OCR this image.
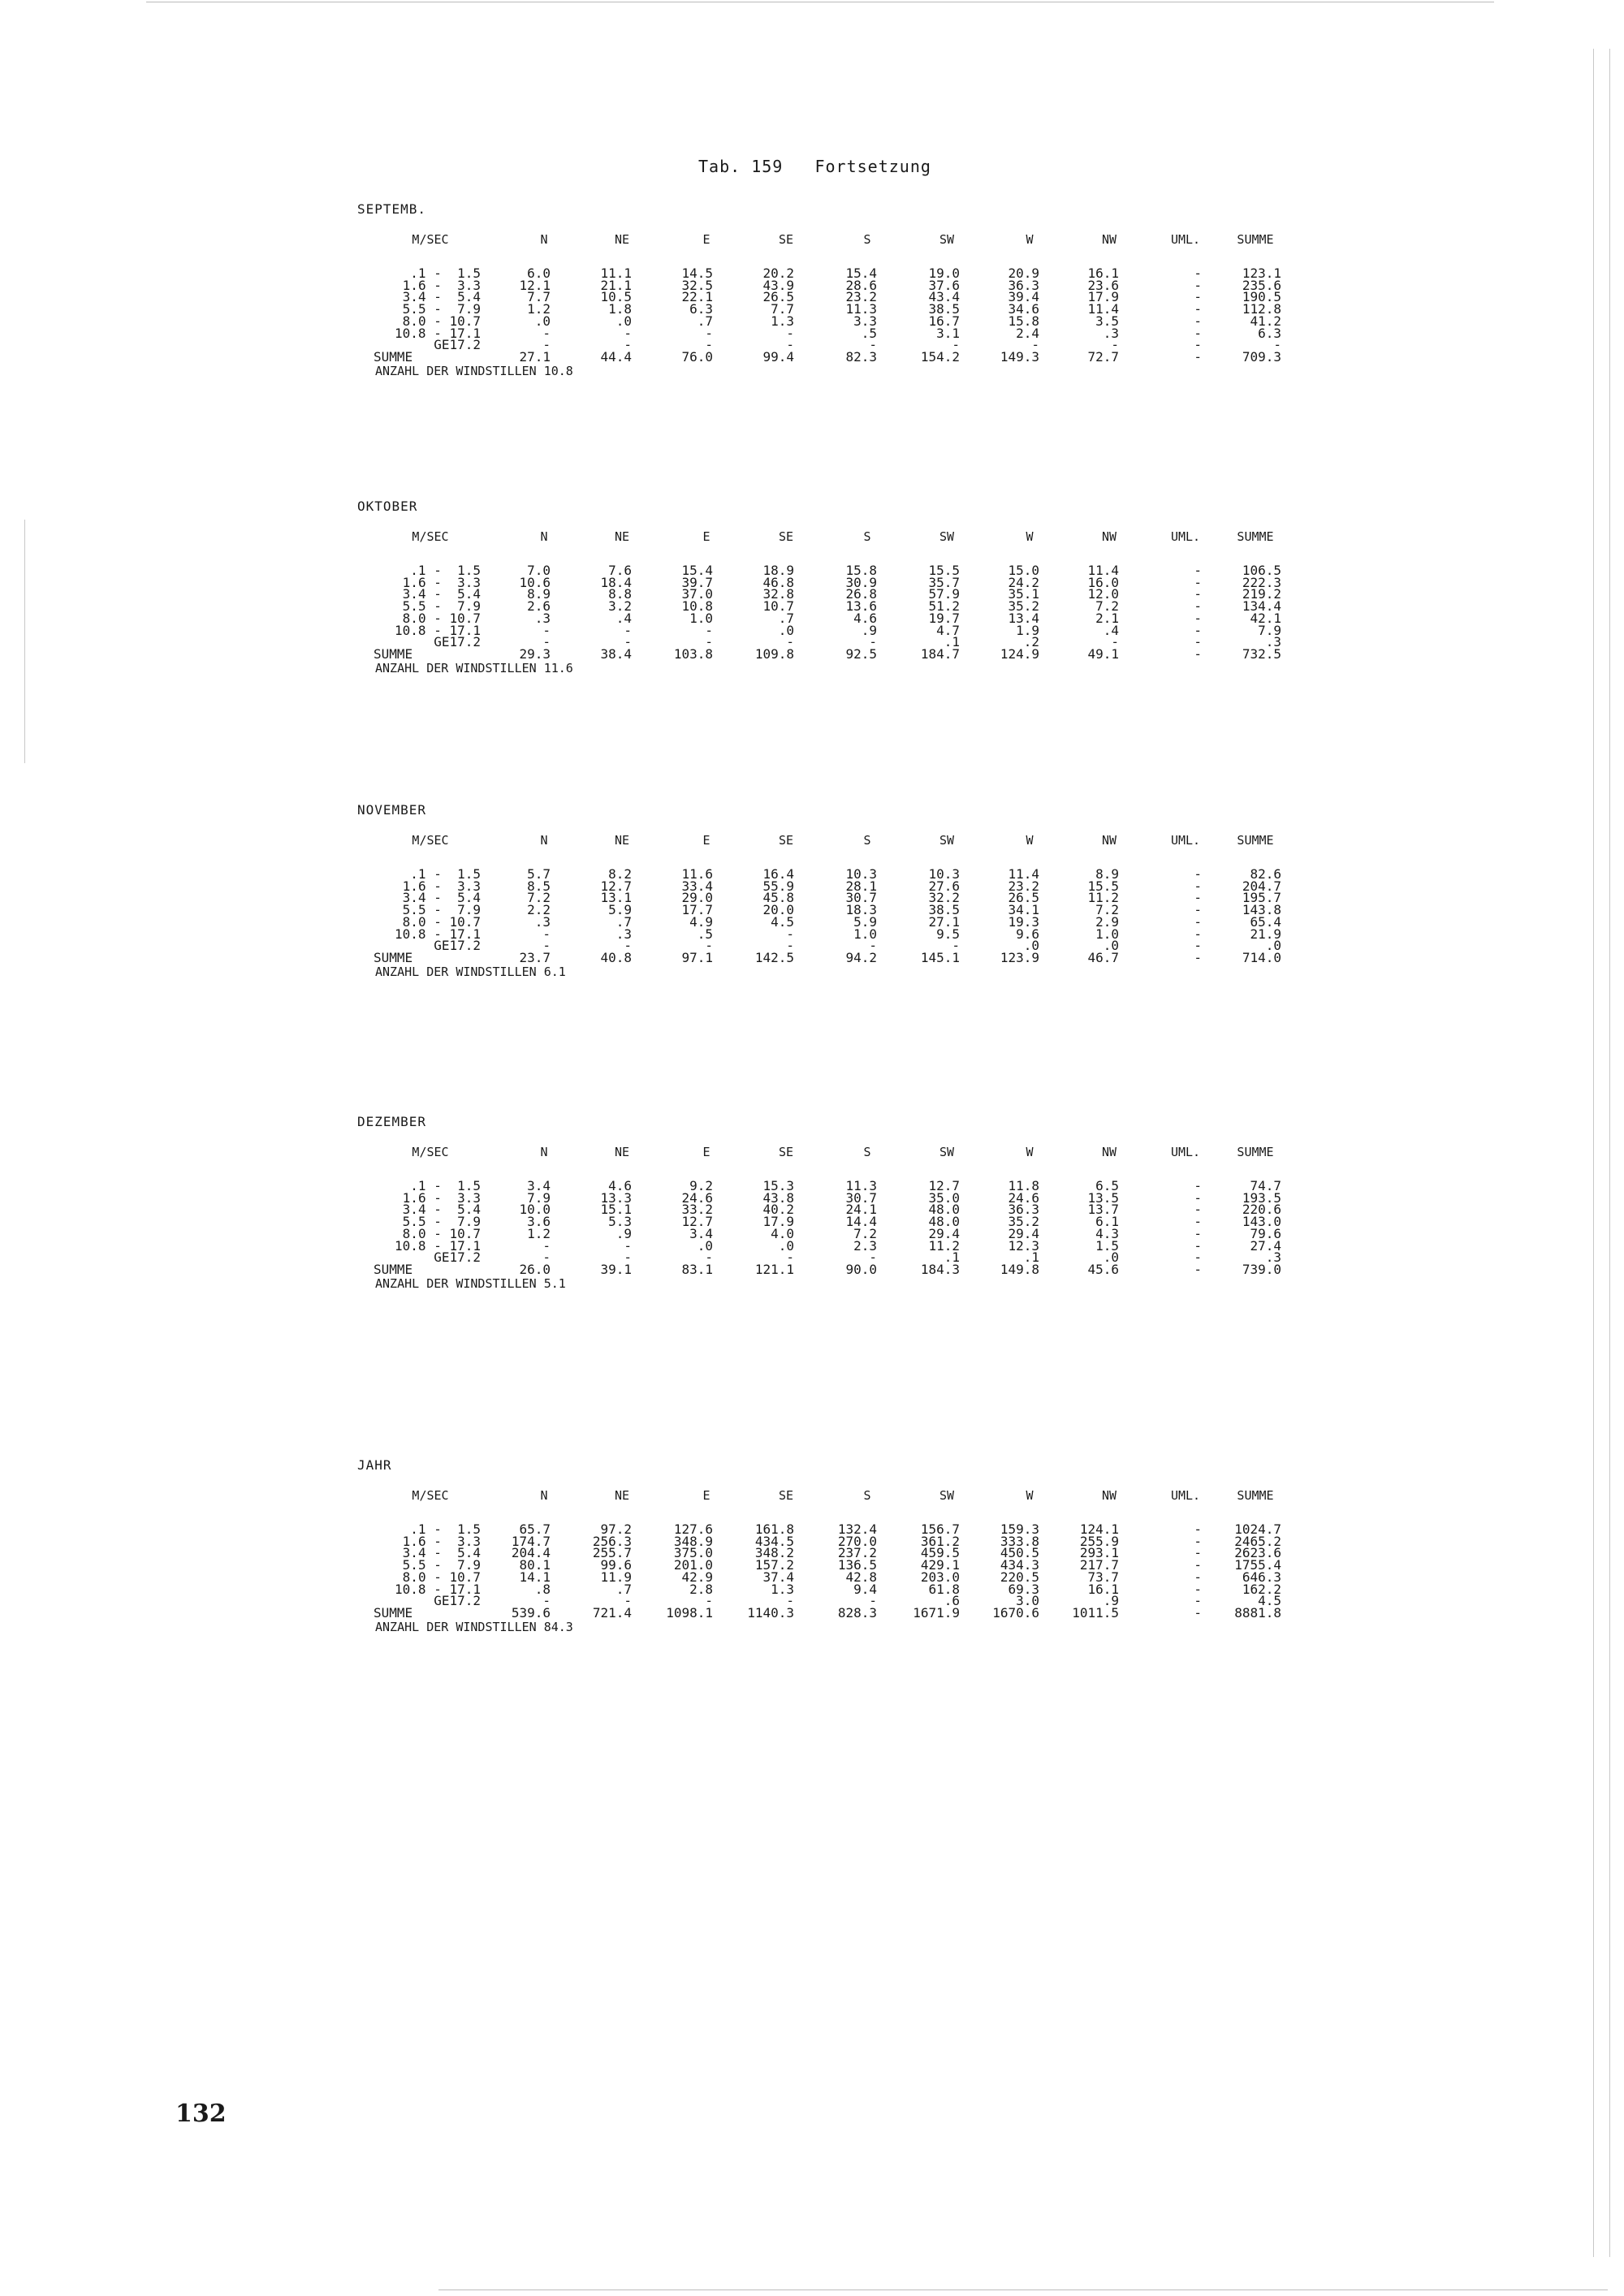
Tab. 159   Fortsetzung
SEPTEMB.
M/SEC	N	NE	E	SE	S	SW	W	NW	UML.	SUMME
.1 -  1.5	6.0	11.1	14.5	20.2	15.4	19.0	20.9	16.1	-	123.1
1.6 -  3.3	12.1	21.1	32.5	43.9	28.6	37.6	36.3	23.6	-	235.6
3.4 -  5.4	7.7	10.5	22.1	26.5	23.2	43.4	39.4	17.9	-	190.5
5.5 -  7.9	1.2	1.8	6.3	7.7	11.3	38.5	34.6	11.4	-	112.8
8.0 - 10.7	.0	.0	.7	1.3	3.3	16.7	15.8	3.5	-	41.2
10.8 - 17.1	-	-	-	-	.5	3.1	2.4	.3	-	6.3
GE17.2	-	-	-	-	-	-	-	-	-	-
SUMME	27.1	44.4	76.0	99.4	82.3	154.2	149.3	72.7	-	709.3
ANZAHL DER WINDSTILLEN 10.8
OKTOBER
M/SEC	N	NE	E	SE	S	SW	W	NW	UML.	SUMME
.1 -  1.5	7.0	7.6	15.4	18.9	15.8	15.5	15.0	11.4	-	106.5
1.6 -  3.3	10.6	18.4	39.7	46.8	30.9	35.7	24.2	16.0	-	222.3
3.4 -  5.4	8.9	8.8	37.0	32.8	26.8	57.9	35.1	12.0	-	219.2
5.5 -  7.9	2.6	3.2	10.8	10.7	13.6	51.2	35.2	7.2	-	134.4
8.0 - 10.7	.3	.4	1.0	.7	4.6	19.7	13.4	2.1	-	42.1
10.8 - 17.1	-	-	-	.0	.9	4.7	1.9	.4	-	7.9
GE17.2	-	-	-	-	-	.1	.2	-	-	.3
SUMME	29.3	38.4	103.8	109.8	92.5	184.7	124.9	49.1	-	732.5
ANZAHL DER WINDSTILLEN 11.6
NOVEMBER
M/SEC	N	NE	E	SE	S	SW	W	NW	UML.	SUMME
.1 -  1.5	5.7	8.2	11.6	16.4	10.3	10.3	11.4	8.9	-	82.6
1.6 -  3.3	8.5	12.7	33.4	55.9	28.1	27.6	23.2	15.5	-	204.7
3.4 -  5.4	7.2	13.1	29.0	45.8	30.7	32.2	26.5	11.2	-	195.7
5.5 -  7.9	2.2	5.9	17.7	20.0	18.3	38.5	34.1	7.2	-	143.8
8.0 - 10.7	.3	.7	4.9	4.5	5.9	27.1	19.3	2.9	-	65.4
10.8 - 17.1	-	.3	.5	-	1.0	9.5	9.6	1.0	-	21.9
GE17.2	-	-	-	-	-	-	.0	.0	-	.0
SUMME	23.7	40.8	97.1	142.5	94.2	145.1	123.9	46.7	-	714.0
ANZAHL DER WINDSTILLEN 6.1
DEZEMBER
M/SEC	N	NE	E	SE	S	SW	W	NW	UML.	SUMME
.1 -  1.5	3.4	4.6	9.2	15.3	11.3	12.7	11.8	6.5	-	74.7
1.6 -  3.3	7.9	13.3	24.6	43.8	30.7	35.0	24.6	13.5	-	193.5
3.4 -  5.4	10.0	15.1	33.2	40.2	24.1	48.0	36.3	13.7	-	220.6
5.5 -  7.9	3.6	5.3	12.7	17.9	14.4	48.0	35.2	6.1	-	143.0
8.0 - 10.7	1.2	.9	3.4	4.0	7.2	29.4	29.4	4.3	-	79.6
10.8 - 17.1	-	-	.0	.0	2.3	11.2	12.3	1.5	-	27.4
GE17.2	-	-	-	-	-	.1	.1	.0	-	.3
SUMME	26.0	39.1	83.1	121.1	90.0	184.3	149.8	45.6	-	739.0
ANZAHL DER WINDSTILLEN 5.1
JAHR
M/SEC	N	NE	E	SE	S	SW	W	NW	UML.	SUMME
.1 -  1.5	65.7	97.2	127.6	161.8	132.4	156.7	159.3	124.1	-	1024.7
1.6 -  3.3	174.7	256.3	348.9	434.5	270.0	361.2	333.8	255.9	-	2465.2
3.4 -  5.4	204.4	255.7	375.0	348.2	237.2	459.5	450.5	293.1	-	2623.6
5.5 -  7.9	80.1	99.6	201.0	157.2	136.5	429.1	434.3	217.7	-	1755.4
8.0 - 10.7	14.1	11.9	42.9	37.4	42.8	203.0	220.5	73.7	-	646.3
10.8 - 17.1	.8	.7	2.8	1.3	9.4	61.8	69.3	16.1	-	162.2
GE17.2	-	-	-	-	-	.6	3.0	.9	-	4.5
SUMME	539.6	721.4	1098.1	1140.3	828.3	1671.9	1670.6	1011.5	-	8881.8
ANZAHL DER WINDSTILLEN 84.3
132
